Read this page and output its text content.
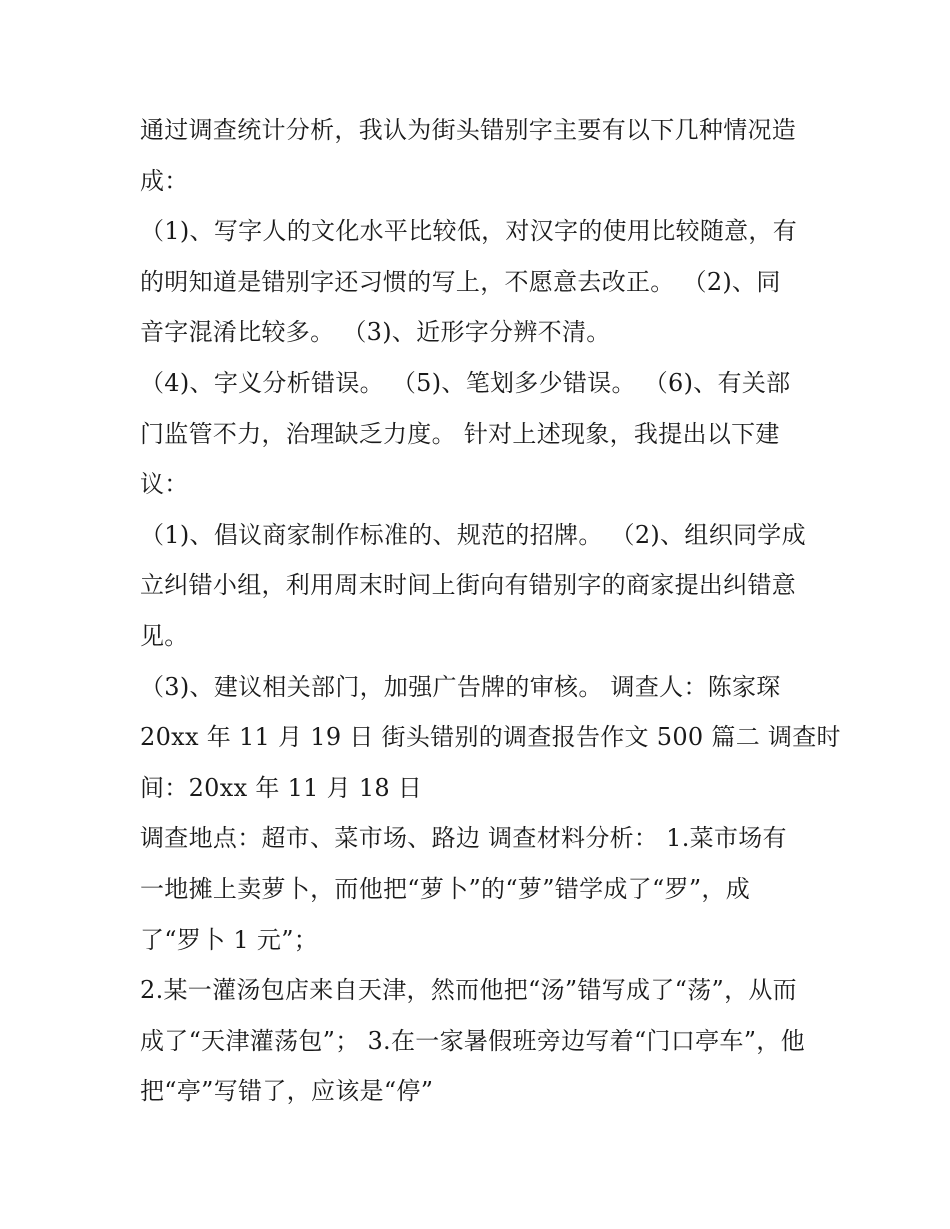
通过调查统计分析，我认为街头错别字主要有以下几种情况造

成：

（1)、写字人的文化水平比较低，对汉字的使用比较随意，有

的明知道是错别字还习惯的写上，不愿意去改正。 （2)、同

音字混淆比较多。 （3)、近形字分辨不清。

（4)、字义分析错误。 （5)、笔划多少错误。 （6)、有关部

门监管不力，治理缺乏力度。 针对上述现象，我提出以下建

议：

（1)、倡议商家制作标准的、规范的招牌。 （2)、组织同学成

立纠错小组，利用周末时间上街向有错别字的商家提出纠错意

见。

（3)、建议相关部门，加强广告牌的审核。 调查人：陈家琛

20xx 年 11 月 19 日 街头错别的调查报告作文 500 篇二 调查时

间：20xx 年 11 月 18 日

调查地点：超市、菜市场、路边 调查材料分析： 1.菜市场有

一地摊上卖萝卜，而他把“萝卜”的“萝”错学成了“罗”，成

了“罗卜 1 元”；

2.某一灌汤包店来自天津，然而他把“汤”错写成了“荡”，从而

成了“天津灌荡包”； 3.在一家暑假班旁边写着“门口亭车”，他

把“亭”写错了，应该是“停”
